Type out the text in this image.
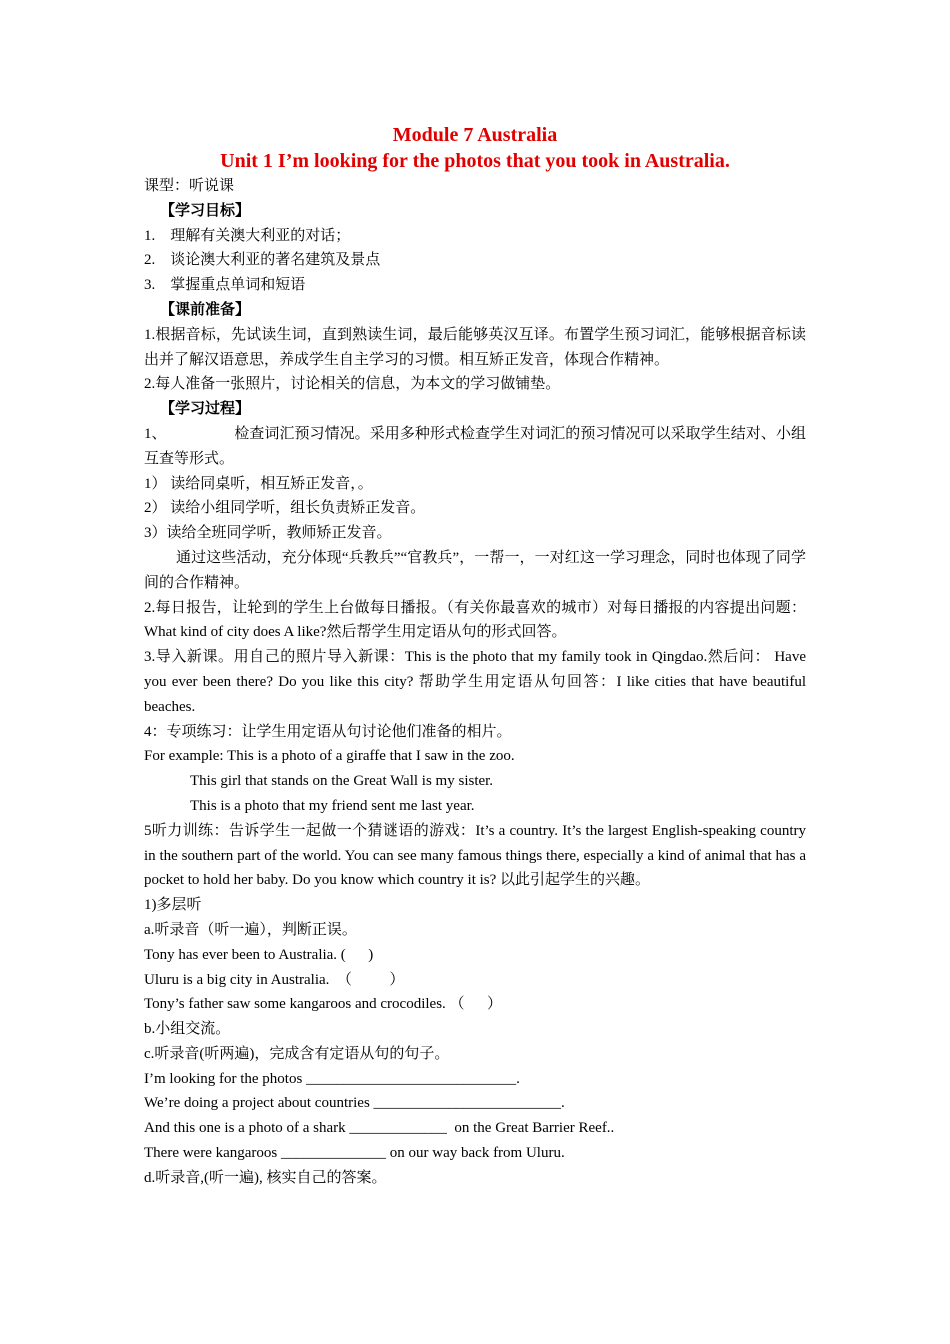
Module 7 Australia
Unit 1 I’m looking for the photos that you took in Australia.

课型：听说课

【学习目标】

1.　理解有关澳大利亚的对话；

2.　谈论澳大利亚的著名建筑及景点

3.　掌握重点单词和短语

【课前准备】

1.根据音标，先试读生词，直到熟读生词，最后能够英汉互译。布置学生预习词汇，能够根据音标读出并了解汉语意思，养成学生自主学习的习惯。相互矫正发音，体现合作精神。

2.每人准备一张照片，讨论相关的信息，为本文的学习做铺垫。

【学习过程】

1、　　　　　检查词汇预习情况。采用多种形式检查学生对词汇的预习情况可以采取学生结对、小组互查等形式。

1） 读给同桌听，相互矫正发音，。

2） 读给小组同学听，组长负责矫正发音。

3）读给全班同学听，教师矫正发音。

通过这些活动，充分体现“兵教兵”“官教兵”，一帮一，一对红这一学习理念，同时也体现了同学间的合作精神。

2.每日报告，让轮到的学生上台做每日播报。（有关你最喜欢的城市）对每日播报的内容提出问题：What kind of city does A like?然后帮学生用定语从句的形式回答。

3.导入新课。用自己的照片导入新课：This is the photo that my family took in Qingdao.然后问： Have you ever been there? Do you like this city? 帮助学生用定语从句回答：I like cities that have beautiful beaches.

4：专项练习：让学生用定语从句讨论他们准备的相片。

For example: This is a photo of a giraffe that I saw in the zoo.

This girl that stands on the Great Wall is my sister.

This is a photo that my friend sent me last year.

5听力训练：告诉学生一起做一个猜谜语的游戏：It’s a country. It’s the largest English-speaking country in the southern part of the world. You can see many famous things there, especially a kind of animal that has a pocket to hold her baby. Do you know which country it is? 以此引起学生的兴趣。

1)多层听

a.听录音（听一遍），判断正误。

Tony has ever been to Australia. (      )

Uluru is a big city in Australia.  （          ）

Tony’s father saw some kangaroos and crocodiles. （      ）

b.小组交流。

c.听录音(听两遍)，完成含有定语从句的句子。

I’m looking for the photos ____________________________.

We’re doing a project about countries _________________________.

And this one is a photo of a shark _____________  on the Great Barrier Reef..

There were kangaroos ______________ on our way back from Uluru.

d.听录音,(听一遍), 核实自己的答案。
